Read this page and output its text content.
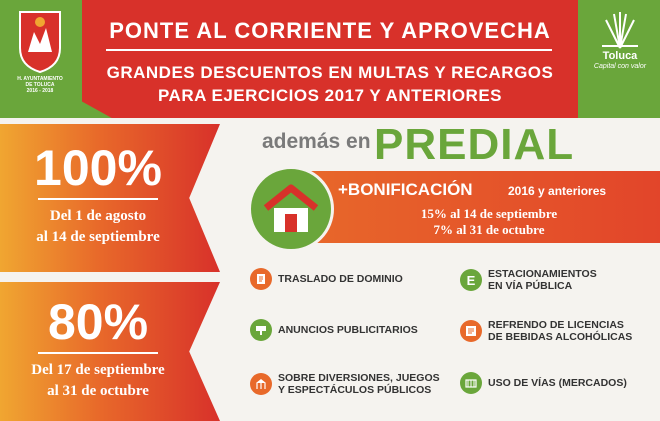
PONTE AL CORRIENTE Y APROVECHA
GRANDES DESCUENTOS EN MULTAS Y RECARGOS
PARA EJERCICIOS 2017 Y ANTERIORES
H. AYUNTAMIENTO
DE TOLUCA
2016 - 2018
Toluca
Capital con valor
100%
Del 1 de agosto
al 14 de septiembre
80%
Del 17 de septiembre
al 31 de octubre
además en PREDIAL
+BONIFICACIÓN	2016 y anteriores
15% al 14 de septiembre
7% al 31 de octubre
TRASLADO DE DOMINIO	E ESTACIONAMIENTOS
EN VÍA PÚBLICA
ANUNCIOS PUBLICITARIOS	REFRENDO DE LICENCIAS
DE BEBIDAS ALCOHÓLICAS
SOBRE DIVERSIONES, JUEGOS
Y ESPECTÁCULOS PÚBLICOS
USO DE VÍAS (MERCADOS)
